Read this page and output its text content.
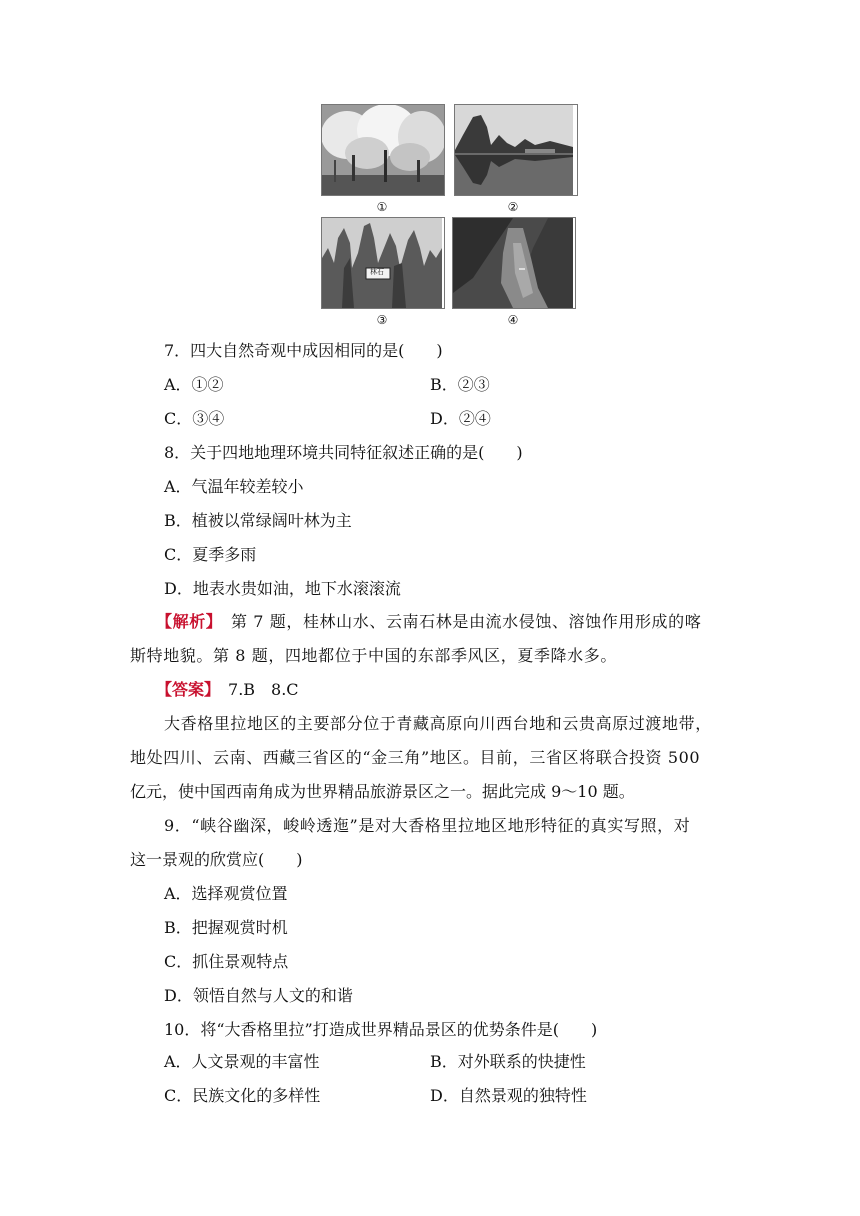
①	②
林石
③	④
7．四大自然奇观中成因相同的是(　　)
A．①②	B．②③
C．③④	D．②④
8．关于四地地理环境共同特征叙述正确的是(　　)
A．气温年较差较小
B．植被以常绿阔叶林为主
C．夏季多雨
D．地表水贵如油，地下水滚滚流
【解析】　第 7 题，桂林山水、云南石林是由流水侵蚀、溶蚀作用形成的喀
斯特地貌。第 8 题，四地都位于中国的东部季风区，夏季降水多。
【答案】　7.B　8.C
大香格里拉地区的主要部分位于青藏高原向川西台地和云贵高原过渡地带，
地处四川、云南、西藏三省区的“金三角”地区。目前，三省区将联合投资 500
亿元，使中国西南角成为世界精品旅游景区之一。据此完成 9～10 题。
9．“峡谷幽深，峻岭透迤”是对大香格里拉地区地形特征的真实写照，对
这一景观的欣赏应(　　)
A．选择观赏位置
B．把握观赏时机
C．抓住景观特点
D．领悟自然与人文的和谐
10．将“大香格里拉”打造成世界精品景区的优势条件是(　　)
A．人文景观的丰富性	B．对外联系的快捷性
C．民族文化的多样性	D．自然景观的独特性
